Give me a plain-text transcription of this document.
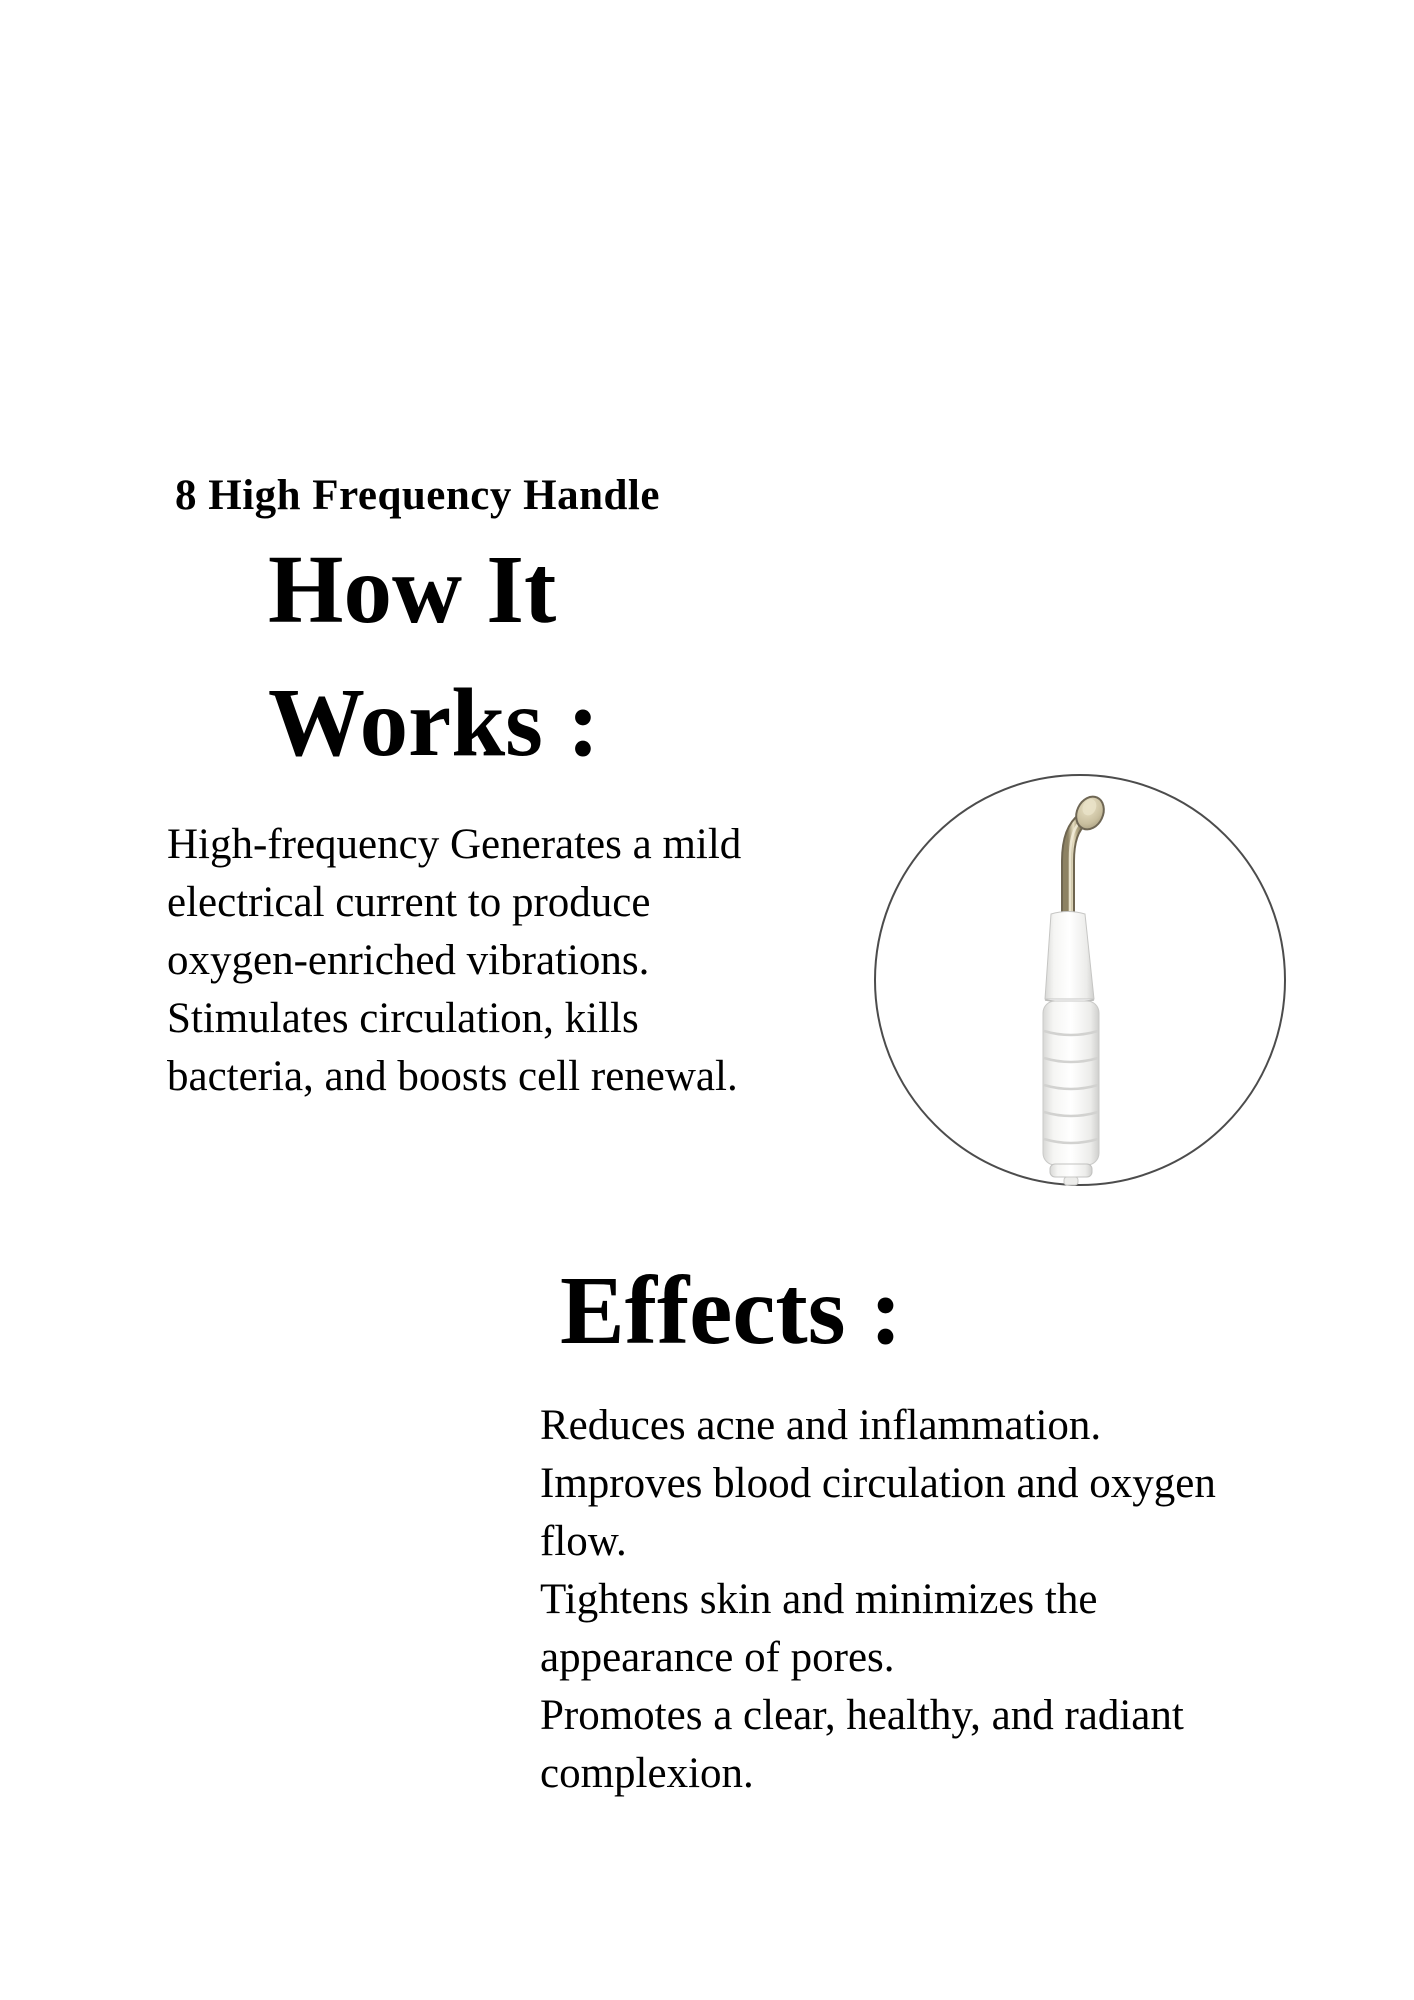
8 High Frequency Handle
How It
Works :
High-frequency Generates a mild
electrical current to produce
oxygen-enriched vibrations.
Stimulates circulation, kills
bacteria, and boosts cell renewal.
Effects :
Reduces acne and inflammation.
Improves blood circulation and oxygen
flow.
Tightens skin and minimizes the
appearance of pores.
Promotes a clear, healthy, and radiant
complexion.
